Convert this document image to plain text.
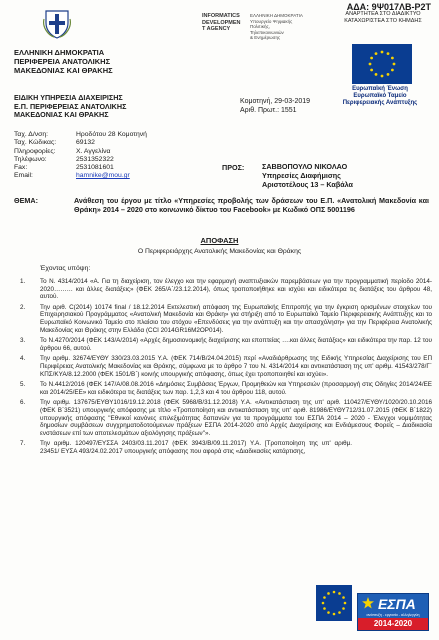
ΑΔΑ: 9Ψ017ΛΒ-Ρ2Τ
INFORMATICS
DEVELOPMEN
T AGENCY
ΕΛΛΗΝΙΚΗ ΔΗΜΟΚΡΑΤΙΑ
Υπουργείο Ψηφιακής Πολιτικής,
Τηλεπικοινωνιών
& Ενημέρωσης
ΑΝΑΡΤΗΤΕΑ ΣΤΟ ΔΙΑΔΙΚΤΥΟ
ΚΑΤΑΧΩΡΙΣΤΕΑ ΣΤΟ ΚΗΜΔΗΣ
ΕΛΛΗΝΙΚΗ ΔΗΜΟΚΡΑΤΙΑ
ΠΕΡΙΦΕΡΕΙΑ ΑΝΑΤΟΛΙΚΗΣ
ΜΑΚΕΔΟΝΙΑΣ ΚΑΙ ΘΡΑΚΗΣ
Ευρωπαϊκή Ένωση
Ευρωπαϊκό Ταμείο
Περιφερειακής Ανάπτυξης
ΕΙΔΙΚΗ ΥΠΗΡΕΣΙΑ ΔΙΑΧΕΙΡΙΣΗΣ
Ε.Π. ΠΕΡΙΦΕΡΕΙΑΣ ΑΝΑΤΟΛΙΚΗΣ
ΜΑΚΕΔΟΝΙΑΣ ΚΑΙ ΘΡΑΚΗΣ
Κομοτηνή, 29-03-2019
Αριθ. Πρωτ.: 1551
Ταχ. Δ/νση:	Ηροδότου 28 Κομοτηνή
Ταχ. Κώδικας:	69132
Πληροφορίες:	Χ. Αγγελίνα
Τηλέφωνο:	2531352322
Fax:	2531081601
Email:	hamnike@mou.gr
ΠΡΟΣ: ΣΑΒΒΟΠΟΥΛΟ ΝΙΚΟΛΑΟ
Υπηρεσίες Διαφήμισης
Αριστοτέλους 13 – Καβάλα
ΘΕΜΑ:	Ανάθεση του έργου με τίτλο «Υπηρεσίες προβολής των δράσεων του Ε.Π. «Ανατολική Μακεδονία και Θράκη» 2014 – 2020 στο κοινωνικό δίκτυο του Facebook» με Κωδικό ΟΠΣ 5001196
ΑΠΟΦΑΣΗ
Ο Περιφερειάρχης Ανατολικής Μακεδονίας και Θράκης
Έχοντας υπόψη:
1.	Το Ν. 4314/2014 «Α. Για τη διαχείριση, τον έλεγχο και την εφαρμογή αναπτυξιακών παρεμβάσεων για την προγραμματική περίοδο 2014-2020……… και άλλες διατάξεις» (ΦΕΚ 265/Α΄/23.12.2014), όπως τροποποιήθηκε και ισχύει και ειδικότερα τις διατάξεις του άρθρου 48, αυτού.
2.	Την αριθ. C(2014) 10174 final / 18.12.2014 Εκτελεστική απόφαση της Ευρωπαϊκής Επιτροπής για την έγκριση ορισμένων στοιχείων του Επιχειρησιακού Προγράμματος «Ανατολική Μακεδονία και Θράκη» για στήριξη από το Ευρωπαϊκό Ταμείο Περιφερειακής Ανάπτυξης και το Ευρωπαϊκό Κοινωνικό Ταμείο στο πλαίσιο του στόχου «Επενδύσεις για την ανάπτυξη και την απασχόληση» για την Περιφέρεια Ανατολικής Μακεδονίας και Θράκης στην Ελλάδα (CCI 2014GR16M2OP014).
3.	Το Ν.4270/2014 (ΦΕΚ 143/Α/2014) «Αρχές δημοσιονομικής διαχείρισης και εποπτείας ….και άλλες διατάξεις» και ειδικότερα την παρ. 12 του άρθρου 66, αυτού.
4.	Την αριθμ. 32674/ΕΥΘΥ 330/23.03.2015 Υ.Α. (ΦΕΚ 714/Β/24.04.2015) περί «Αναδιάρθρωσης της Ειδικής Υπηρεσίας Διαχείρισης του ΕΠ Περιφέρειας Ανατολικής Μακεδονίας και Θράκης, σύμφωνα με το άρθρο 7 του Ν. 4314/2014 και αντικατάσταση της υπ' αριθμ. 41543/278/Γ΄ ΚΠΣ/ΚΥΑ/8.12.2000 (ΦΕΚ 1501/Β΄) κοινής υπουργικής απόφασης, όπως έχει τροποποιηθεί και ισχύει».
5.	Το Ν.4412/2016 (ΦΕΚ 147/Α/08.08.2016 «Δημόσιες Συμβάσεις Έργων, Προμηθειών και Υπηρεσιών (προσαρμογή στις Οδηγίες 2014/24/ΕΕ και 2014/25/ΕΕ» και ειδικότερα τις διατάξεις των παρ. 1,2,3 και 4 του άρθρου 118, αυτού.
6.	Την αριθμ. 137675/ΕΥΘΥ1016/19.12.2018 (ΦΕΚ 5968/Β/31.12.2018) Υ.Α. «Αντικατάσταση της υπ' αριθ. 110427/ΕΥΘΥ/1020/20.10.2016 (ΦΕΚ Β΄3521) υπουργικής απόφασης με τίτλο «Τροποποίηση και αντικατάσταση της υπ' αριθ. 81986/ΕΥΘΥ712/31.07.2015 (ΦΕΚ Β΄1822) υπουργικής απόφασης "Εθνικοί κανόνες επιλεξιμότητας δαπανών για τα προγράμματα του ΕΣΠΑ 2014 – 2020 - Έλεγχοι νομιμότητας δημοσίων συμβάσεων συγχρηματοδοτούμενων πράξεων ΕΣΠΑ 2014-2020 από Αρχές Διαχείρισης και Ενδιάμεσους Φορείς – Διαδικασία ενστάσεων επί των αποτελεσμάτων αξιολόγησης πράξεων"».
7.	Την αριθμ. 120497/ΕΥΣΣΑ 2403/03.11.2017 (ΦΕΚ 3943/Β/09.11.2017) Υ.Α. [Τροποποίηση της υπ' αριθμ. 23451/ ΕΥΣΑ 493/24.02.2017 υπουργικής απόφασης που αφορά στις «Διαδικασίες κατάρτισης,
ΕΣΠΑ
ανάπτυξη - εργασία - αλληλεγγύη
2014-2020
